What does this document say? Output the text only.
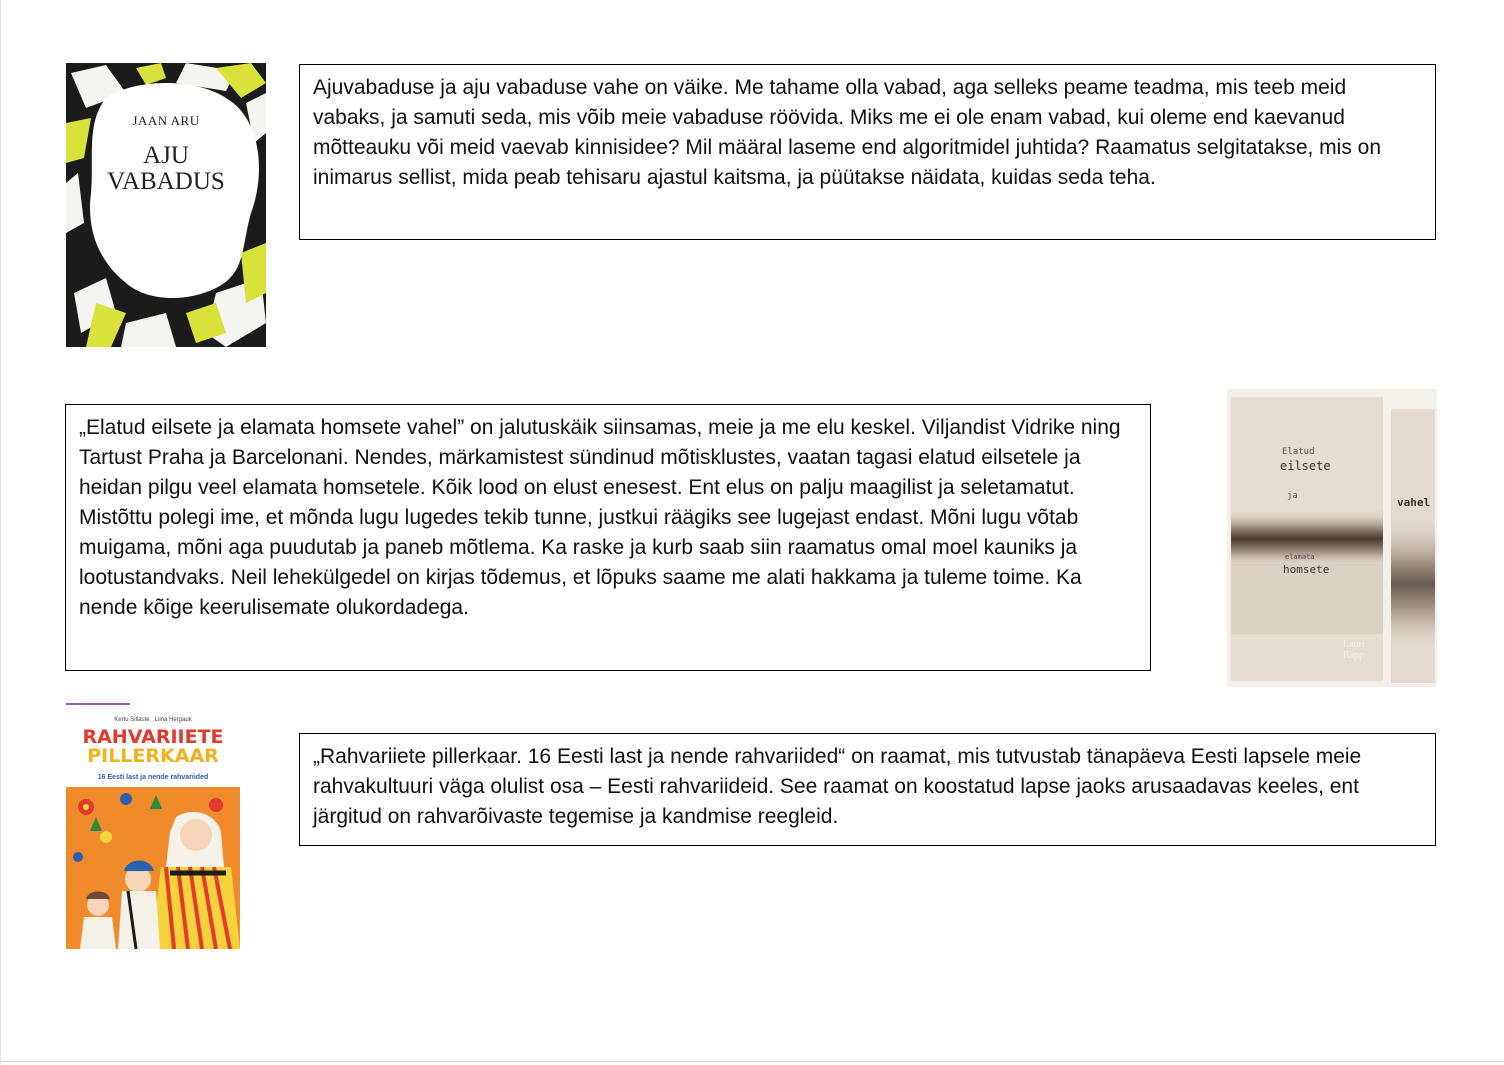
JAAN ARU
AJU
VABADUS
Ajuvabaduse ja aju vabaduse vahe on väike. Me tahame olla vabad, aga selleks peame teadma, mis teeb meid vabaks, ja samuti seda, mis võib meie vabaduse röövida. Miks me ei ole enam vabad, kui oleme end kaevanud mõtteauku või meid vaevab kinnisidee? Mil määral laseme end algoritmidel juhtida? Raamatus selgitatakse, mis on inimarus sellist, mida peab tehisaru ajastul kaitsma, ja püütakse näidata, kuidas seda teha.
Elatud
eilsete
ja	vahel
elamata
homsete
Lauri
Räpp
„Elatud eilsete ja elamata homsete vahel” on jalutuskäik siinsamas, meie ja me elu keskel. Viljandist Vidrike ning Tartust Praha ja Barcelonani. Nendes, märkamistest sündinud mõtisklustes, vaatan tagasi elatud eilsetele ja heidan pilgu veel elamata homsetele. Kõik lood on elust enesest. Ent elus on palju maagilist ja seletamatut. Mistõttu polegi ime, et mõnda lugu lugedes tekib tunne, justkui räägiks see lugejast endast. Mõni lugu võtab muigama, mõni aga puudutab ja paneb mõtlema. Ka raske ja kurb saab siin raamatus omal moel kauniks ja lootustandvaks. Neil lehekülgedel on kirjas tõdemus, et lõpuks saame me alati hakkama ja tuleme toime. Ka nende kõige keerulisemate olukordadega.
Kertu Sillaste Liina Hergauk
RAHVARIIETE
PILLERKAAR
16 Eesti last ja nende rahvariided
„Rahvariiete pillerkaar. 16 Eesti last ja nende rahvariided“ on raamat, mis tutvustab tänapäeva Eesti lapsele meie rahvakultuuri väga olulist osa – Eesti rahvariideid. See raamat on koostatud lapse jaoks arusaadavas keeles, ent järgitud on rahvarõivaste tegemise ja kandmise reegleid.
